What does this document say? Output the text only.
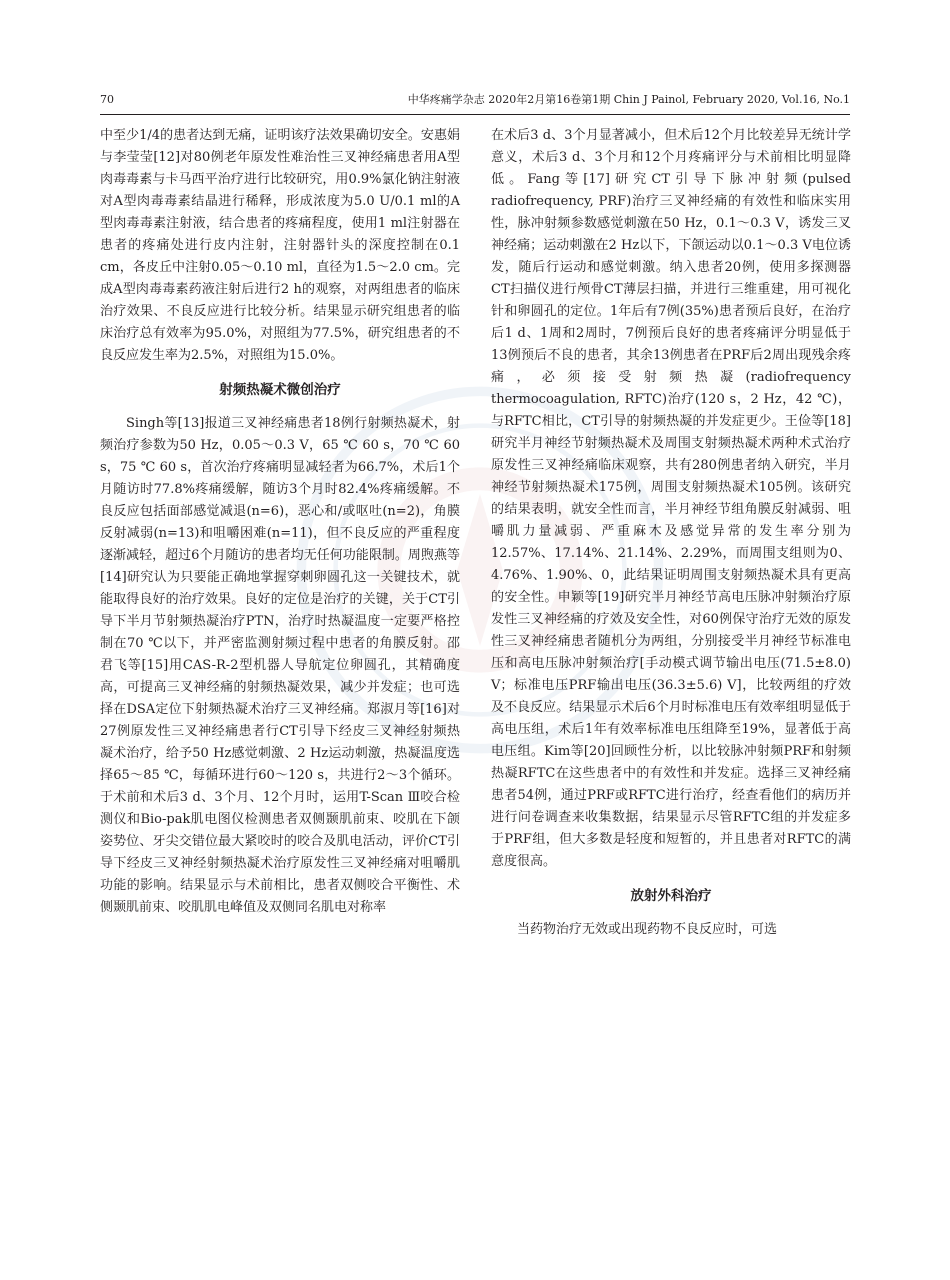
70	中华疼痛学杂志 2020年2月第16卷第1期 Chin J Painol, February 2020, Vol.16, No.1

中至少1/4的患者达到无痛，证明该疗法效果确切安全。安惠娟与李莹莹[12]对80例老年原发性难治性三叉神经痛患者用A型肉毒毒素与卡马西平治疗进行比较研究，用0.9%氯化钠注射液对A型肉毒毒素结晶进行稀释，形成浓度为5.0 U/0.1 ml的A型肉毒毒素注射液，结合患者的疼痛程度，使用1 ml注射器在患者的疼痛处进行皮内注射，注射器针头的深度控制在0.1 cm，各皮丘中注射0.05～0.10 ml，直径为1.5～2.0 cm。完成A型肉毒毒素药液注射后进行2 h的观察，对两组患者的临床治疗效果、不良反应进行比较分析。结果显示研究组患者的临床治疗总有效率为95.0%，对照组为77.5%，研究组患者的不良反应发生率为2.5%，对照组为15.0%。

射频热凝术微创治疗

Singh等[13]报道三叉神经痛患者18例行射频热凝术，射频治疗参数为50 Hz，0.05～0.3 V，65 ℃ 60 s，70 ℃ 60 s，75 ℃ 60 s，首次治疗疼痛明显减轻者为66.7%，术后1个月随访时77.8%疼痛缓解，随访3个月时82.4%疼痛缓解。不良反应包括面部感觉减退(n=6)，恶心和/或呕吐(n=2)，角膜反射减弱(n=13)和咀嚼困难(n=11)，但不良反应的严重程度逐渐减轻，超过6个月随访的患者均无任何功能限制。周煦燕等[14]研究认为只要能正确地掌握穿刺卵圆孔这一关键技术，就能取得良好的治疗效果。良好的定位是治疗的关键，关于CT引导下半月节射频热凝治疗PTN，治疗时热凝温度一定要严格控制在70 ℃以下，并严密监测射频过程中患者的角膜反射。邵君飞等[15]用CAS-R-2型机器人导航定位卵圆孔，其精确度高，可提高三叉神经痛的射频热凝效果，减少并发症；也可选择在DSA定位下射频热凝术治疗三叉神经痛。郑淑月等[16]对27例原发性三叉神经痛患者行CT引导下经皮三叉神经射频热凝术治疗，给予50 Hz感觉刺激、2 Hz运动刺激，热凝温度选择65～85 ℃，每循环进行60～120 s，共进行2～3个循环。于术前和术后3 d、3个月、12个月时，运用T-Scan Ⅲ咬合检测仪和Bio-pak肌电图仪检测患者双侧颞肌前束、咬肌在下颌姿势位、牙尖交错位最大紧咬时的咬合及肌电活动，评价CT引导下经皮三叉神经射频热凝术治疗原发性三叉神经痛对咀嚼肌功能的影响。结果显示与术前相比，患者双侧咬合平衡性、术侧颞肌前束、咬肌肌电峰值及双侧同名肌电对称率

在术后3 d、3个月显著减小，但术后12个月比较差异无统计学意义，术后3 d、3个月和12个月疼痛评分与术前相比明显降低。Fang等[17]研究CT引导下脉冲射频(pulsed radiofrequency, PRF)治疗三叉神经痛的有效性和临床实用性，脉冲射频参数感觉刺激在50 Hz，0.1～0.3 V，诱发三叉神经痛；运动刺激在2 Hz以下，下颌运动以0.1～0.3 V电位诱发，随后行运动和感觉刺激。纳入患者20例，使用多探测器CT扫描仪进行颅骨CT薄层扫描，并进行三维重建，用可视化针和卵圆孔的定位。1年后有7例(35%)患者预后良好，在治疗后1 d、1周和2周时，7例预后良好的患者疼痛评分明显低于13例预后不良的患者，其余13例患者在PRF后2周出现残余疼痛，必须接受射频热凝(radiofrequency thermocoagulation, RFTC)治疗(120 s，2 Hz，42 ℃)，与RFTC相比，CT引导的射频热凝的并发症更少。王俭等[18]研究半月神经节射频热凝术及周围支射频热凝术两种术式治疗原发性三叉神经痛临床观察，共有280例患者纳入研究，半月神经节射频热凝术175例，周围支射频热凝术105例。该研究的结果表明，就安全性而言，半月神经节组角膜反射减弱、咀嚼肌力量减弱、严重麻木及感觉异常的发生率分别为12.57%、17.14%、21.14%、2.29%，而周围支组则为0、4.76%、1.90%、0，此结果证明周围支射频热凝术具有更高的安全性。申颖等[19]研究半月神经节高电压脉冲射频治疗原发性三叉神经痛的疗效及安全性，对60例保守治疗无效的原发性三叉神经痛患者随机分为两组，分别接受半月神经节标准电压和高电压脉冲射频治疗[手动模式调节输出电压(71.5±8.0) V；标准电压PRF输出电压(36.3±5.6) V]，比较两组的疗效及不良反应。结果显示术后6个月时标准电压有效率组明显低于高电压组，术后1年有效率标准电压组降至19%，显著低于高电压组。Kim等[20]回顾性分析，以比较脉冲射频PRF和射频热凝RFTC在这些患者中的有效性和并发症。选择三叉神经痛患者54例，通过PRF或RFTC进行治疗，经查看他们的病历并进行问卷调查来收集数据，结果显示尽管RFTC组的并发症多于PRF组，但大多数是轻度和短暂的，并且患者对RFTC的满意度很高。

放射外科治疗

当药物治疗无效或出现药物不良反应时，可选
